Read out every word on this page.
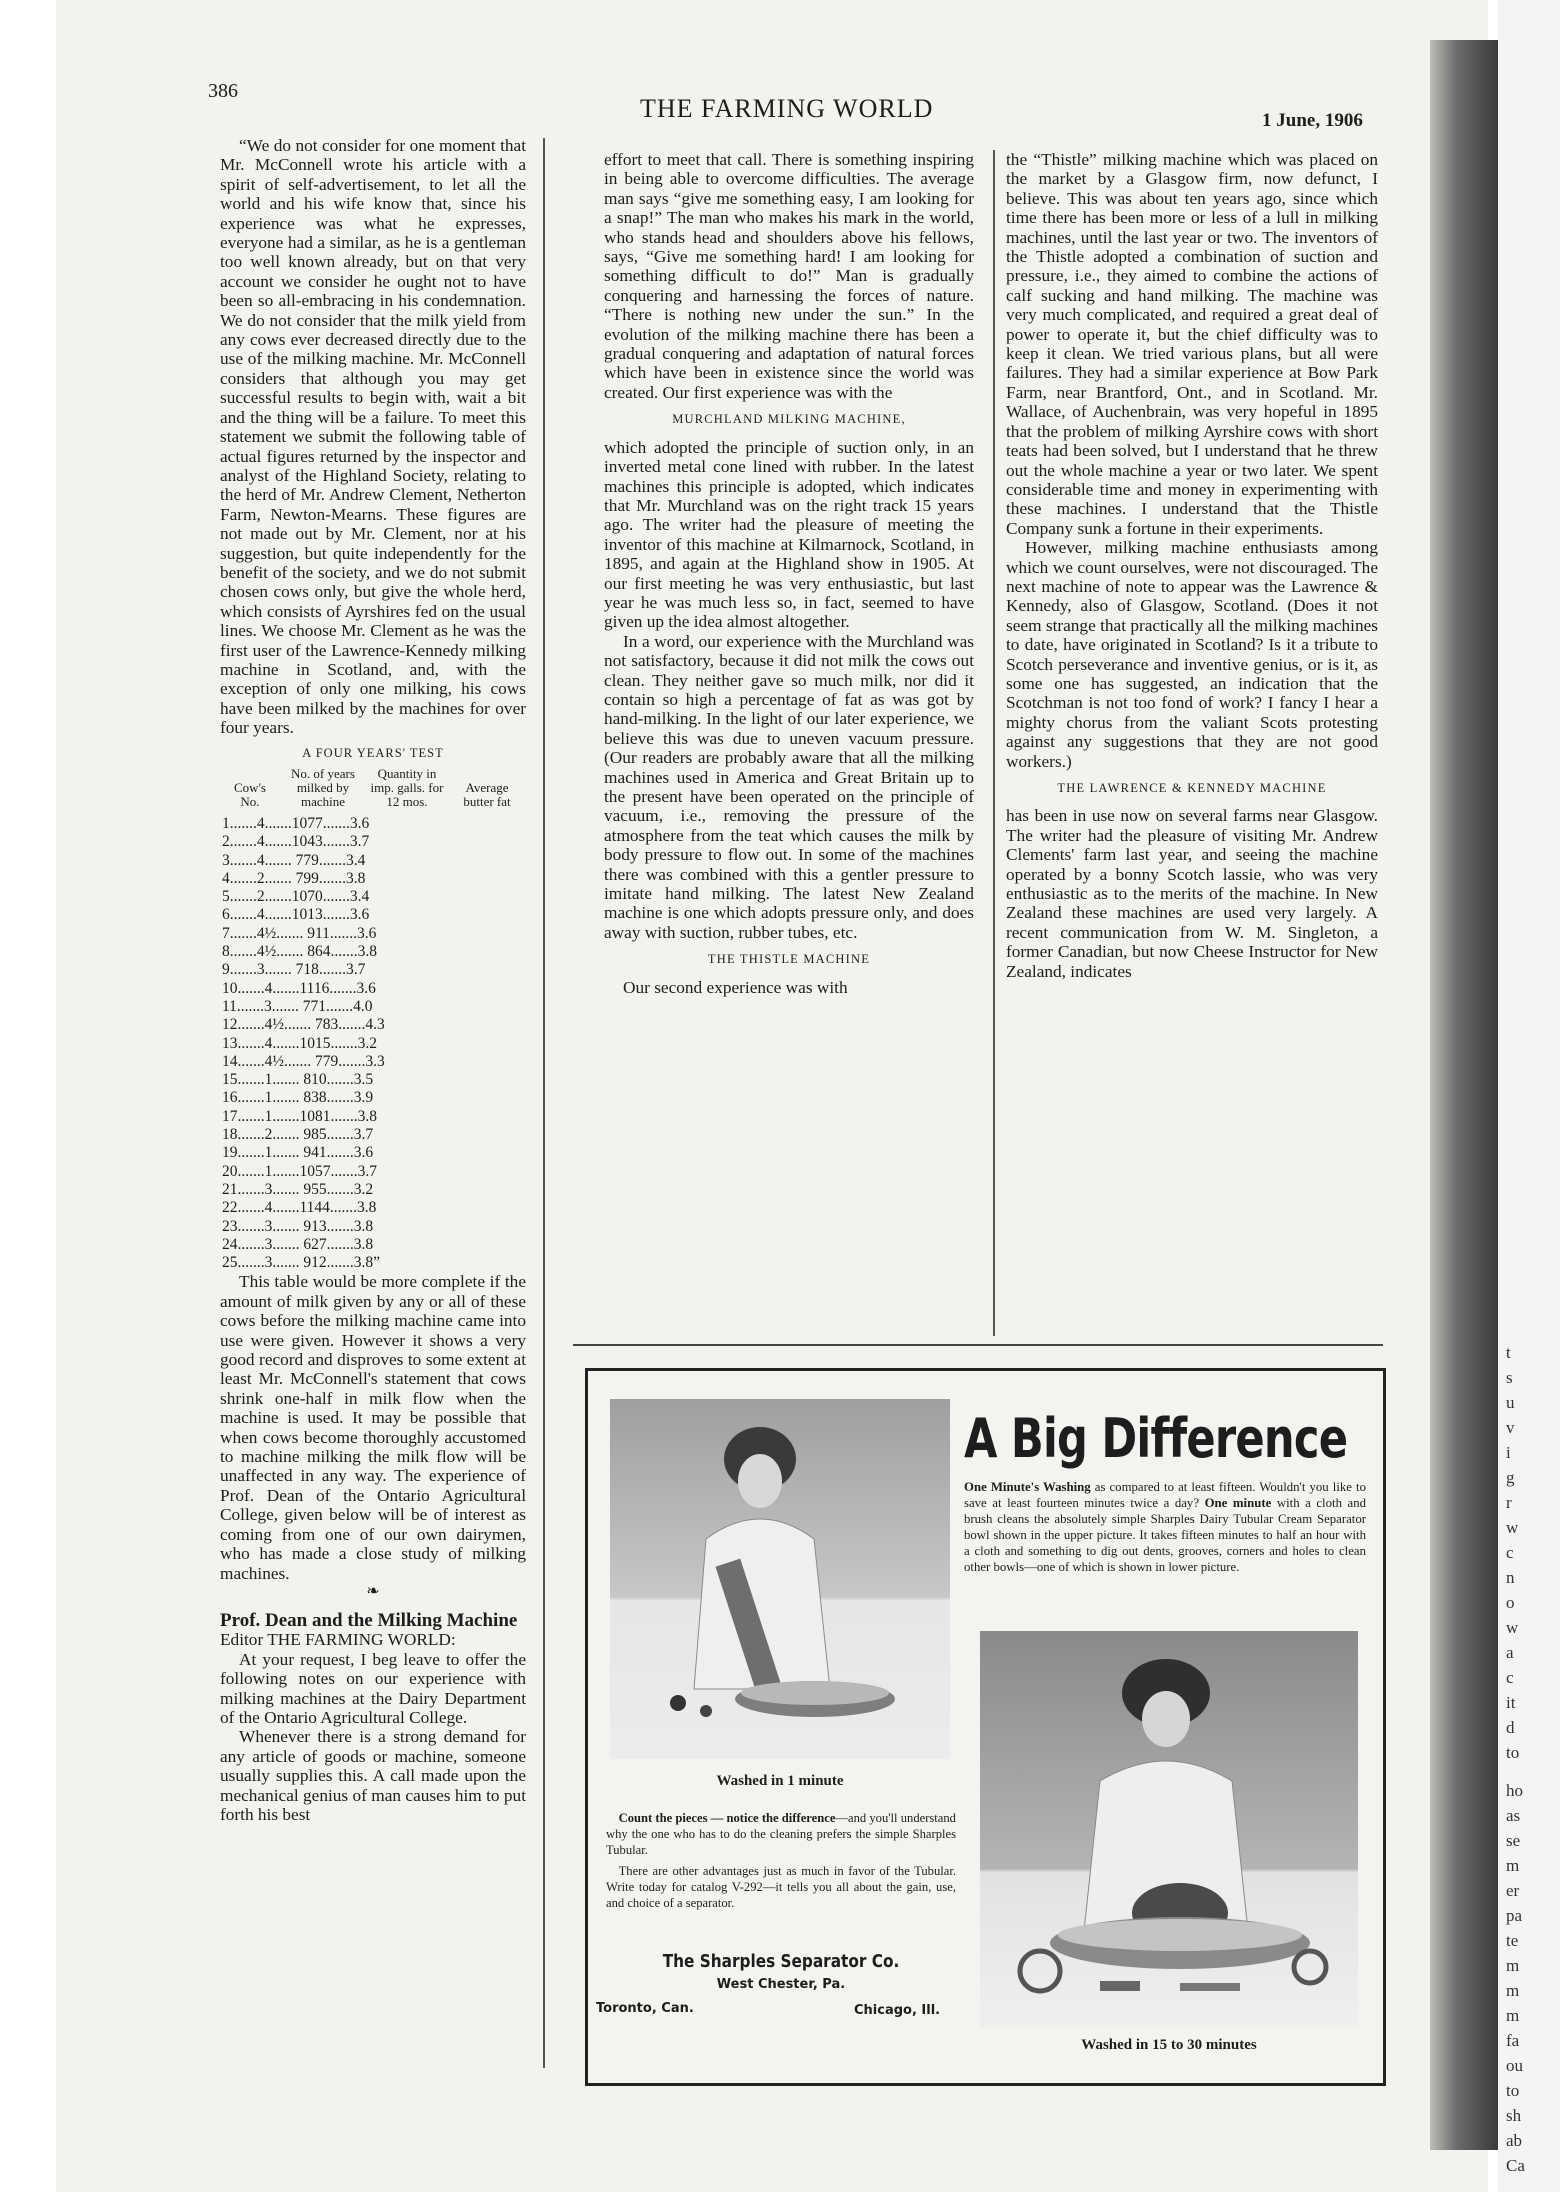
t
s
u
v
i
g
r
w
c
n
o
w
a
c
it
d
to
ho
as
se
m
er
pa
te
m
m
m
fa
ou
to
sh
ab
Ca
386
THE FARMING WORLD	1 June, 1906

“We do not consider for one moment that Mr. McConnell wrote his article with a spirit of self-advertisement, to let all the world and his wife know that, since his experience was what he expresses, everyone had a similar, as he is a gentleman too well known already, but on that very account we consider he ought not to have been so all-embracing in his condemnation. We do not consider that the milk yield from any cows ever decreased directly due to the use of the milking machine. Mr. McConnell considers that although you may get successful results to begin with, wait a bit and the thing will be a failure. To meet this statement we submit the following table of actual figures returned by the inspector and analyst of the Highland Society, relating to the herd of Mr. Andrew Clement, Netherton Farm, Newton-Mearns. These figures are not made out by Mr. Clement, nor at his suggestion, but quite independently for the benefit of the society, and we do not submit chosen cows only, but give the whole herd, which consists of Ayrshires fed on the usual lines. We choose Mr. Clement as he was the first user of the Lawrence-Kennedy milking machine in Scotland, and, with the exception of only one milking, his cows have been milked by the machines for over four years.

A FOUR YEARS' TEST
Cow's No.
No. of years milked by machine
Quantity in imp. galls. for 12 mos.
Average butter fat
1.......4.......1077.......3.6
2.......4.......1043.......3.7
3.......4....... 779.......3.4
4.......2....... 799.......3.8
5.......2.......1070.......3.4
6.......4.......1013.......3.6
7.......4½....... 911.......3.6
8.......4½....... 864.......3.8
9.......3....... 718.......3.7
10.......4.......1116.......3.6
11.......3....... 771.......4.0
12.......4½....... 783.......4.3
13.......4.......1015.......3.2
14.......4½....... 779.......3.3
15.......1....... 810.......3.5
16.......1....... 838.......3.9
17.......1.......1081.......3.8
18.......2....... 985.......3.7
19.......1....... 941.......3.6
20.......1.......1057.......3.7
21.......3....... 955.......3.2
22.......4.......1144.......3.8
23.......3....... 913.......3.8
24.......3....... 627.......3.8
25.......3....... 912.......3.8”

This table would be more complete if the amount of milk given by any or all of these cows before the milking machine came into use were given. However it shows a very good record and disproves to some extent at least Mr. McConnell's statement that cows shrink one-half in milk flow when the machine is used. It may be possible that when cows become thoroughly accustomed to machine milking the milk flow will be unaffected in any way. The experience of Prof. Dean of the Ontario Agricultural College, given below will be of interest as coming from one of our own dairymen, who has made a close study of milking machines.

❧

Prof. Dean and the Milking Machine

Editor THE FARMING WORLD:

At your request, I beg leave to offer the following notes on our experience with milking machines at the Dairy Department of the Ontario Agricultural College.

Whenever there is a strong demand for any article of goods or machine, someone usually supplies this. A call made upon the mechanical genius of man causes him to put forth his best

effort to meet that call. There is something inspiring in being able to overcome difficulties. The average man says “give me something easy, I am looking for a snap!” The man who makes his mark in the world, who stands head and shoulders above his fellows, says, “Give me something hard! I am looking for something difficult to do!” Man is gradually conquering and harnessing the forces of nature. “There is nothing new under the sun.” In the evolution of the milking machine there has been a gradual conquering and adaptation of natural forces which have been in existence since the world was created. Our first experience was with the

MURCHLAND MILKING MACHINE,

which adopted the principle of suction only, in an inverted metal cone lined with rubber. In the latest machines this principle is adopted, which indicates that Mr. Murchland was on the right track 15 years ago. The writer had the pleasure of meeting the inventor of this machine at Kilmarnock, Scotland, in 1895, and again at the Highland show in 1905. At our first meeting he was very enthusiastic, but last year he was much less so, in fact, seemed to have given up the idea almost altogether.

In a word, our experience with the Murchland was not satisfactory, because it did not milk the cows out clean. They neither gave so much milk, nor did it contain so high a percentage of fat as was got by hand-milking. In the light of our later experience, we believe this was due to uneven vacuum pressure. (Our readers are probably aware that all the milking machines used in America and Great Britain up to the present have been operated on the principle of vacuum, i.e., removing the pressure of the atmosphere from the teat which causes the milk by body pressure to flow out. In some of the machines there was combined with this a gentler pressure to imitate hand milking. The latest New Zealand machine is one which adopts pressure only, and does away with suction, rubber tubes, etc.

THE THISTLE MACHINE

Our second experience was with

the “Thistle” milking machine which was placed on the market by a Glasgow firm, now defunct, I believe. This was about ten years ago, since which time there has been more or less of a lull in milking machines, until the last year or two. The inventors of the Thistle adopted a combination of suction and pressure, i.e., they aimed to combine the actions of calf sucking and hand milking. The machine was very much complicated, and required a great deal of power to operate it, but the chief difficulty was to keep it clean. We tried various plans, but all were failures. They had a similar experience at Bow Park Farm, near Brantford, Ont., and in Scotland. Mr. Wallace, of Auchenbrain, was very hopeful in 1895 that the problem of milking Ayrshire cows with short teats had been solved, but I understand that he threw out the whole machine a year or two later. We spent considerable time and money in experimenting with these machines. I understand that the Thistle Company sunk a fortune in their experiments.

However, milking machine enthusiasts among which we count ourselves, were not discouraged. The next machine of note to appear was the Lawrence & Kennedy, also of Glasgow, Scotland. (Does it not seem strange that practically all the milking machines to date, have originated in Scotland? Is it a tribute to Scotch perseverance and inventive genius, or is it, as some one has suggested, an indication that the Scotchman is not too fond of work? I fancy I hear a mighty chorus from the valiant Scots protesting against any suggestions that they are not good workers.)

THE LAWRENCE & KENNEDY MACHINE

has been in use now on several farms near Glasgow. The writer had the pleasure of visiting Mr. Andrew Clements' farm last year, and seeing the machine operated by a bonny Scotch lassie, who was very enthusiastic as to the merits of the machine. In New Zealand these machines are used very largely. A recent communication from W. M. Singleton, a former Canadian, but now Cheese Instructor for New Zealand, indicates

A Big Difference
One Minute's Washing as compared to at least fifteen. Wouldn't you like to save at least fourteen minutes twice a day? One minute with a cloth and brush cleans the absolutely simple Sharples Dairy Tubular Cream Separator bowl shown in the upper picture. It takes fifteen minutes to half an hour with a cloth and something to dig out dents, grooves, corners and holes to clean other bowls—one of which is shown in lower picture.
Washed in 1 minute

Count the pieces — notice the difference—and you'll understand why the one who has to do the cleaning prefers the simple Sharples Tubular.

There are other advantages just as much in favor of the Tubular. Write today for catalog V-292—it tells you all about the gain, use, and choice of a separator.

The Sharples Separator Co.
West Chester, Pa.
Toronto, Can.	Chicago, Ill.
Washed in 15 to 30 minutes
